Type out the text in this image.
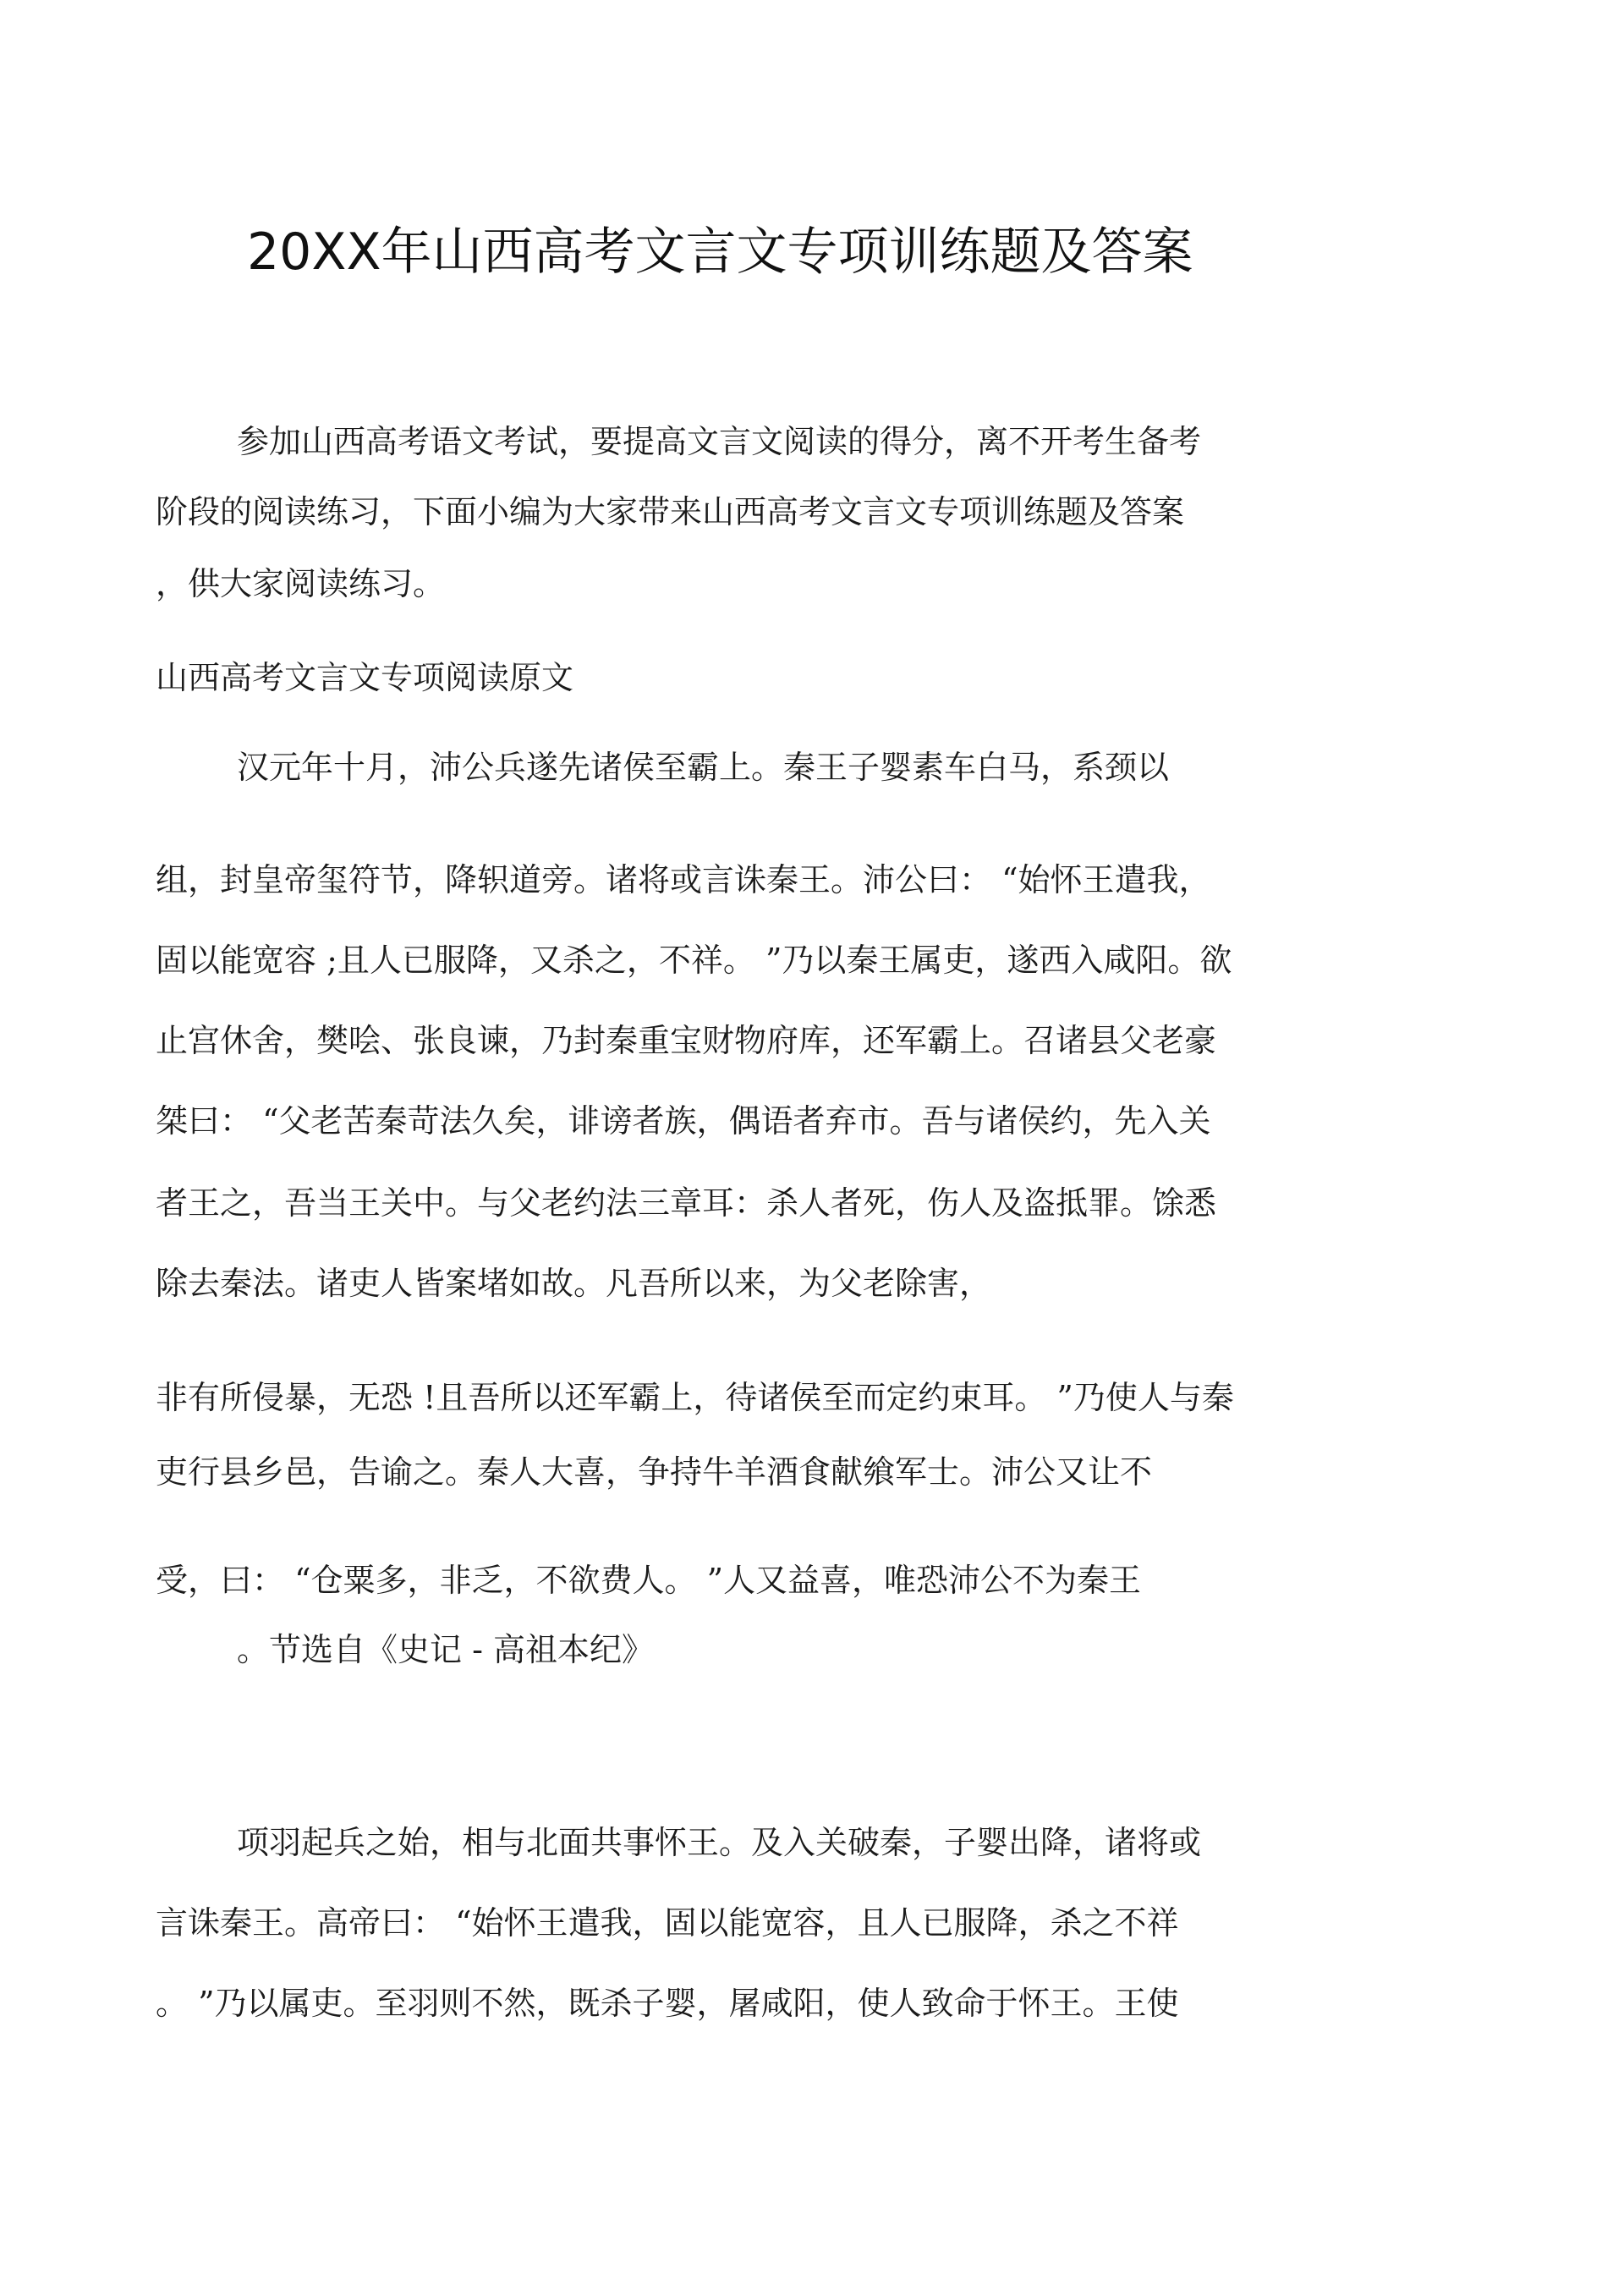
20XX年山西高考文言文专项训练题及答案
参加山西高考语文考试，要提高文言文阅读的得分，离不开考生备考
阶段的阅读练习，下面小编为大家带来山西高考文言文专项训练题及答案
，供大家阅读练习。
山西高考文言文专项阅读原文
汉元年十月，沛公兵遂先诸侯至霸上。秦王子婴素车白马，系颈以
组，封皇帝玺符节，降轵道旁。诸将或言诛秦王。沛公曰： “始怀王遣我，
固以能宽容 ;且人已服降，又杀之，不祥。 ”乃以秦王属吏，遂西入咸阳。欲
止宫休舍，樊哙、张良谏，乃封秦重宝财物府库，还军霸上。召诸县父老豪
桀曰： “父老苦秦苛法久矣，诽谤者族，偶语者弃市。吾与诸侯约，先入关
者王之，吾当王关中。与父老约法三章耳：杀人者死，伤人及盗抵罪。馀悉
除去秦法。诸吏人皆案堵如故。凡吾所以来，为父老除害，
非有所侵暴，无恐 !且吾所以还军霸上，待诸侯至而定约束耳。 ”乃使人与秦
吏行县乡邑，告谕之。秦人大喜，争持牛羊酒食献飨军士。沛公又让不
受，曰： “仓粟多，非乏，不欲费人。 ”人又益喜，唯恐沛公不为秦王
。节选自《史记 - 高祖本纪》
项羽起兵之始，相与北面共事怀王。及入关破秦，子婴出降，诸将或
言诛秦王。高帝曰： “始怀王遣我，固以能宽容，且人已服降，杀之不祥
。 ”乃以属吏。至羽则不然，既杀子婴，屠咸阳，使人致命于怀王。王使
